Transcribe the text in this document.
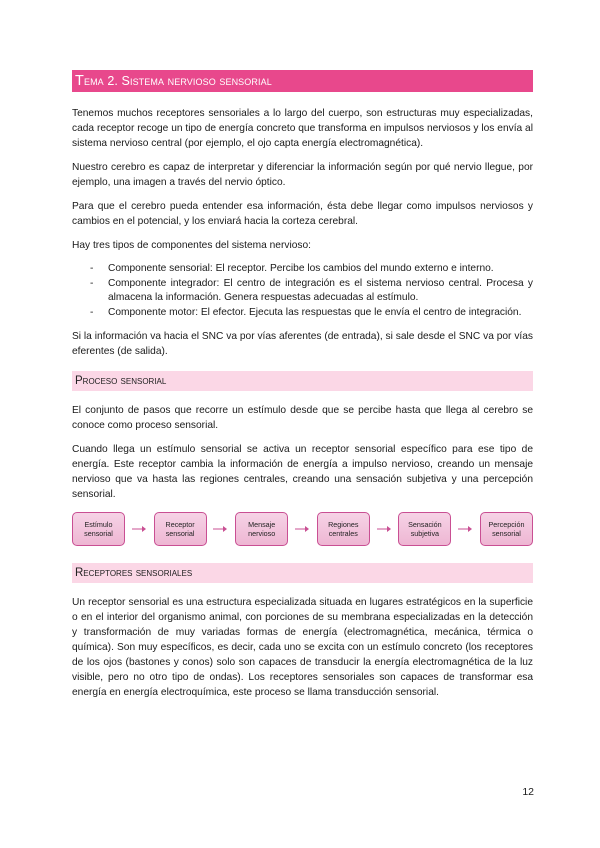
Tema 2. Sistema nervioso sensorial

Tenemos muchos receptores sensoriales a lo largo del cuerpo, son estructuras muy especializadas, cada receptor recoge un tipo de energía concreto que transforma en impulsos nerviosos y los envía al sistema nervioso central (por ejemplo, el ojo capta energía electromagnética).

Nuestro cerebro es capaz de interpretar y diferenciar la información según por qué nervio llegue, por ejemplo, una imagen a través del nervio óptico.

Para que el cerebro pueda entender esa información, ésta debe llegar como impulsos nerviosos y cambios en el potencial, y los enviará hacia la corteza cerebral.

Hay tres tipos de componentes del sistema nervioso:

- Componente sensorial: El receptor. Percibe los cambios del mundo externo e interno.
- Componente integrador: El centro de integración es el sistema nervioso central. Procesa y almacena la información. Genera respuestas adecuadas al estímulo.
- Componente motor: El efector. Ejecuta las respuestas que le envía el centro de integración.

Si la información va hacia el SNC va por vías aferentes (de entrada), si sale desde el SNC va por vías eferentes (de salida).

Proceso sensorial

El conjunto de pasos que recorre un estímulo desde que se percibe hasta que llega al cerebro se conoce como proceso sensorial.

Cuando llega un estímulo sensorial se activa un receptor sensorial específico para ese tipo de energía. Este receptor cambia la información de energía a impulso nervioso, creando un mensaje nervioso que va hasta las regiones centrales, creando una sensación subjetiva y una percepción sensorial.

Estímulo sensorial
Receptor sensorial
Mensaje nervioso
Regiones centrales
Sensación subjetiva
Percepción sensorial
Receptores sensoriales

Un receptor sensorial es una estructura especializada situada en lugares estratégicos en la superficie o en el interior del organismo animal, con porciones de su membrana especializadas en la detección y transformación de muy variadas formas de energía (electromagnética, mecánica, térmica o química). Son muy específicos, es decir, cada uno se excita con un estímulo concreto (los receptores de los ojos (bastones y conos) solo son capaces de transducir la energía electromagnética de la luz visible, pero no otro tipo de ondas). Los receptores sensoriales son capaces de transformar esa energía en energía electroquímica, este proceso se llama transducción sensorial.

12
